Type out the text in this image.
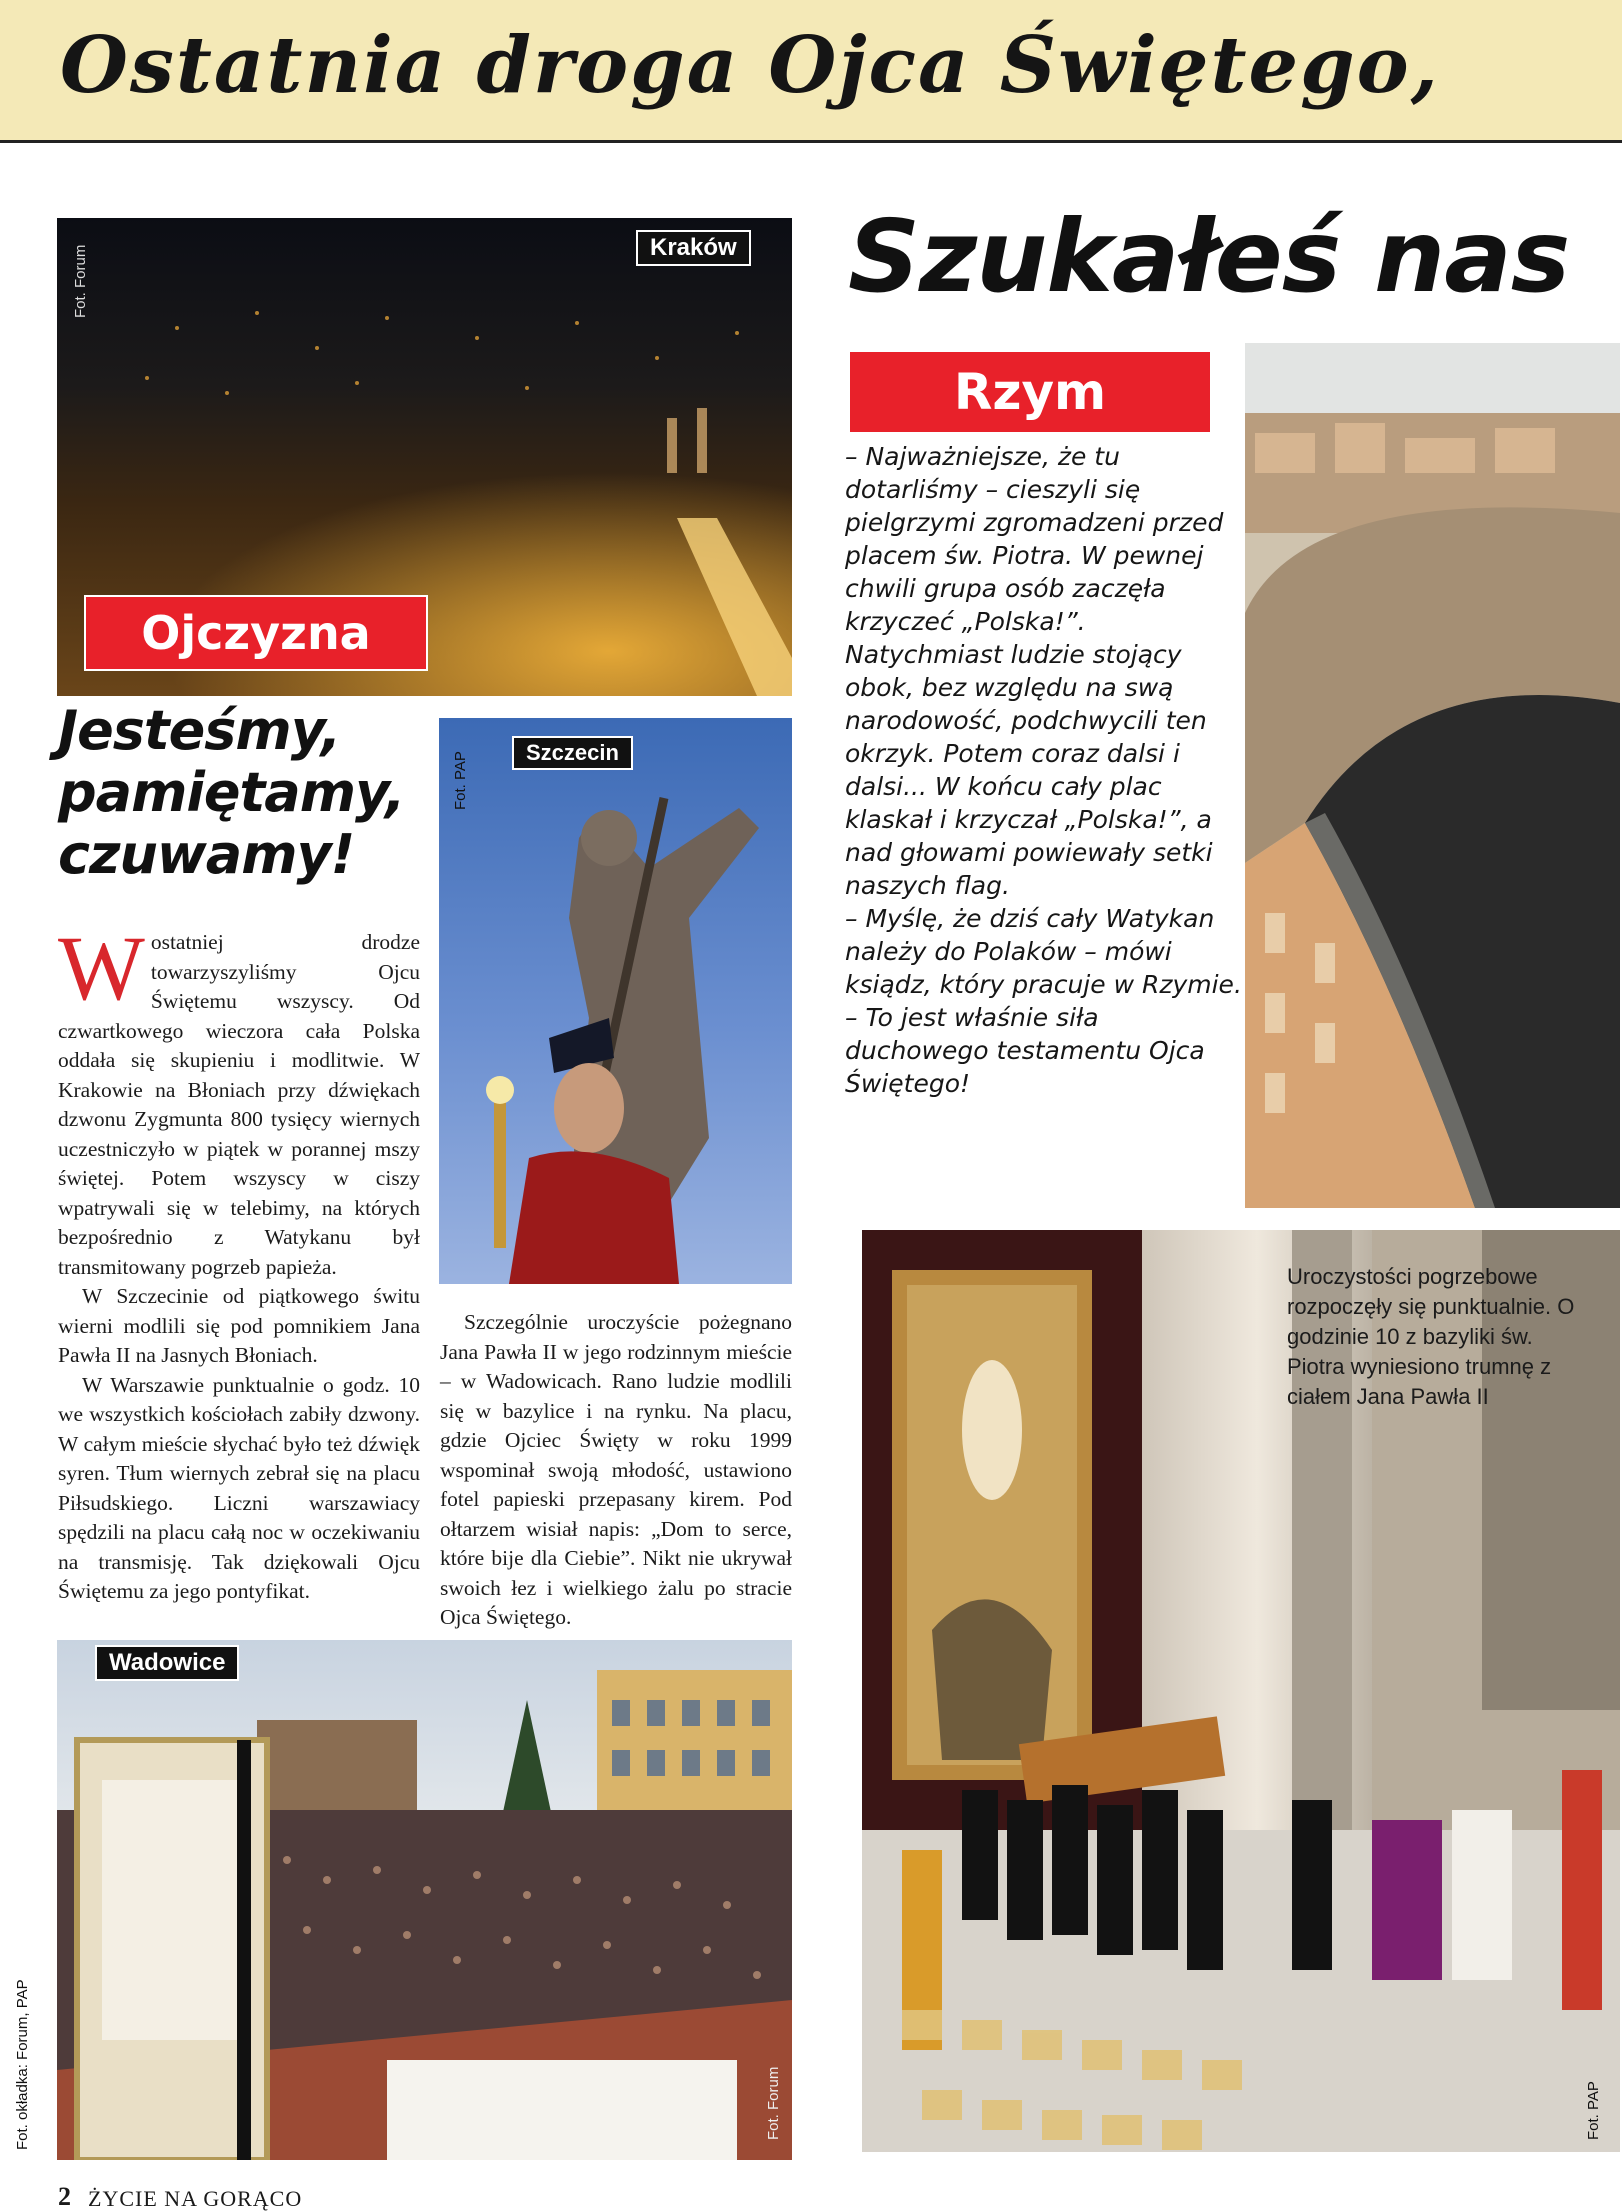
Ostatnia droga Ojca Świętego,
Kraków
Fot. Forum
Ojczyzna
Jesteśmy,
pamiętamy,
czuwamy!
Szczecin
Fot. PAP

Wostatniej drodze towarzyszyliśmy Ojcu Świętemu wszyscy. Od czwartkowego wieczora cała Polska oddała się skupieniu i modlitwie. W Krakowie na Błoniach przy dźwiękach dzwonu Zygmunta 800 tysięcy wiernych uczestniczyło w piątek w porannej mszy świętej. Potem wszyscy w ciszy wpatrywali się w telebimy, na których bezpośrednio z Watykanu był transmitowany pogrzeb papieża.

W Szczecinie od piątkowego świtu wierni modlili się pod pomnikiem Jana Pawła II na Jasnych Błoniach.

W Warszawie punktualnie o godz. 10 we wszystkich kościołach zabiły dzwony. W całym mieście słychać było też dźwięk syren. Tłum wiernych zebrał się na placu Piłsudskiego. Liczni warszawiacy spędzili na placu całą noc w oczekiwaniu na transmisję. Tak dziękowali Ojcu Świętemu za jego pontyfikat.

Szczególnie uroczyście pożegnano Jana Pawła II w jego rodzinnym mieście – w Wadowicach. Rano ludzie modlili się w bazylice i na rynku. Na placu, gdzie Ojciec Święty w roku 1999 wspominał swoją młodość, ustawiono fotel papieski przepasany kirem. Pod ołtarzem wisiał napis: „Dom to serce, które bije dla Ciebie”. Nikt nie ukrywał swoich łez i wielkiego żalu po stracie Ojca Świętego.

Wadowice
Fot. Forum
Szukałeś nas
Rzym

– Najważniejsze, że tu dotarliśmy – cieszyli się pielgrzymi zgromadzeni przed placem św. Piotra. W pewnej chwili grupa osób zaczęła krzyczeć „Polska!”. Natychmiast ludzie stojący obok, bez względu na swą narodowość, podchwycili ten okrzyk. Potem coraz dalsi i dalsi... W końcu cały plac klaskał i krzyczał „Polska!”, a nad głowami powiewały setki naszych flag.

– Myślę, że dziś cały Watykan należy do Polaków – mówi ksiądz, który pracuje w Rzymie. – To jest właśnie siła duchowego testamentu Ojca Świętego!

Uroczystości pogrzebowe rozpoczęły się punktualnie. O godzinie 10 z bazyliki św. Piotra wyniesiono trumnę z ciałem Jana Pawła II
Fot. PAP
Fot. okładka: Forum, PAP
2 ŻYCIE NA GORĄCO
